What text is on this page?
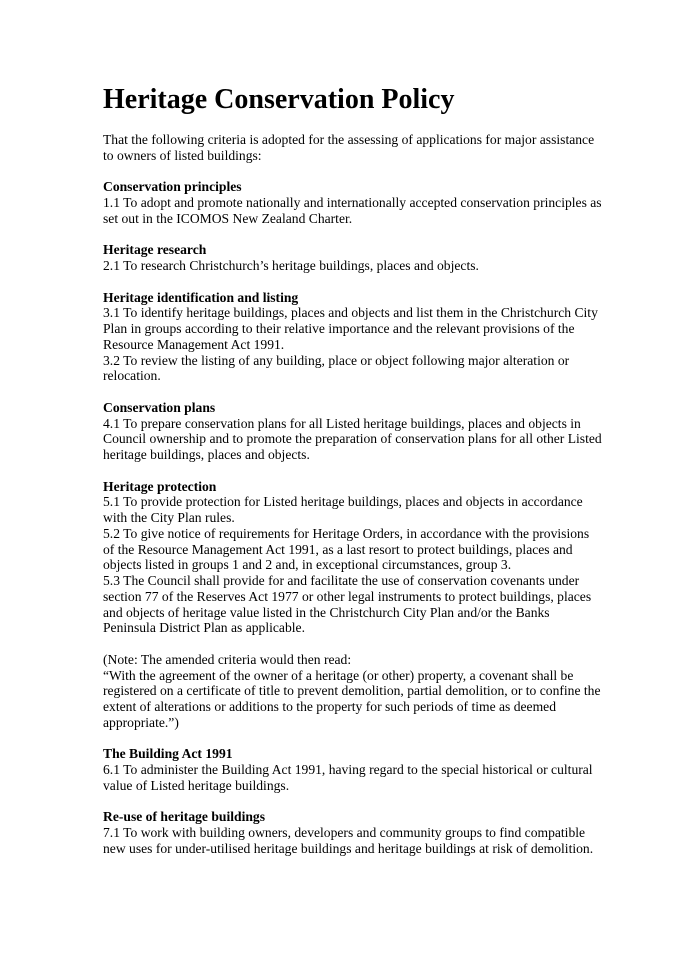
Heritage Conservation Policy

That the following criteria is adopted for the assessing of applications for major assistance to owners of listed buildings:

Conservation principles

1.1 To adopt and promote nationally and internationally accepted conservation principles as set out in the ICOMOS New Zealand Charter.

Heritage research

2.1 To research Christchurch’s heritage buildings, places and objects.

Heritage identification and listing

3.1 To identify heritage buildings, places and objects and list them in the Christchurch City Plan in groups according to their relative importance and the relevant provisions of the Resource Management Act 1991.

3.2 To review the listing of any building, place or object following major alteration or relocation.

Conservation plans

4.1 To prepare conservation plans for all Listed heritage buildings, places and objects in Council ownership and to promote the preparation of conservation plans for all other Listed heritage buildings, places and objects.

Heritage protection

5.1 To provide protection for Listed heritage buildings, places and objects in accordance with the City Plan rules.

5.2 To give notice of requirements for Heritage Orders, in accordance with the provisions of the Resource Management Act 1991, as a last resort to protect buildings, places and objects listed in groups 1 and 2 and, in exceptional circumstances, group 3.

5.3 The Council shall provide for and facilitate the use of conservation covenants under section 77 of the Reserves Act 1977 or other legal instruments to protect buildings, places and objects of heritage value listed in the Christchurch City Plan and/or the Banks Peninsula District Plan as applicable.

(Note: The amended criteria would then read:

“With the agreement of the owner of a heritage (or other) property, a covenant shall be registered on a certificate of title to prevent demolition, partial demolition, or to confine the extent of alterations or additions to the property for such periods of time as deemed appropriate.”)

The Building Act 1991

6.1 To administer the Building Act 1991, having regard to the special historical or cultural value of Listed heritage buildings.

Re-use of heritage buildings

7.1 To work with building owners, developers and community groups to find compatible new uses for under-utilised heritage buildings and heritage buildings at risk of demolition.
